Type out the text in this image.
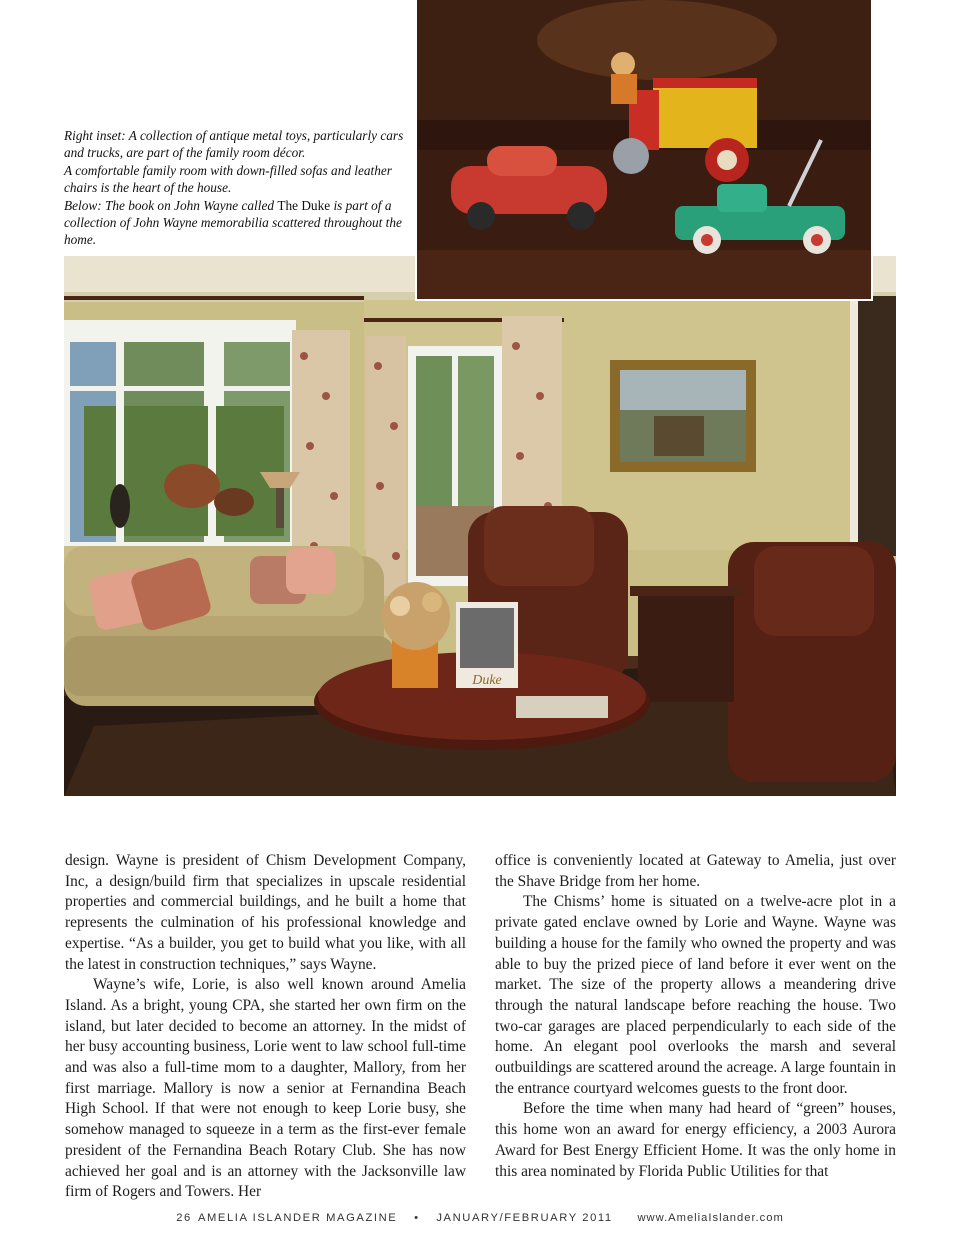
Right inset: A collection of antique metal toys, particularly cars and trucks, are part of the family room décor.

A comfortable family room with down-filled sofas and leather chairs is the heart of the house.

Below: The book on John Wayne called The Duke is part of a collection of John Wayne memorabilia scattered throughout the home.

Duke

design. Wayne is president of Chism Development Company, Inc, a design/build firm that specializes in upscale residential properties and commercial buildings, and he built a home that represents the culmination of his professional knowledge and expertise. “As a builder, you get to build what you like, with all the latest in construction techniques,” says Wayne.

Wayne’s wife, Lorie, is also well known around Amelia Island. As a bright, young CPA, she started her own firm on the island, but later decided to become an attorney. In the midst of her busy accounting business, Lorie went to law school full-time and was also a full-time mom to a daughter, Mallory, from her first marriage. Mallory is now a senior at Fernandina Beach High School. If that were not enough to keep Lorie busy, she somehow managed to squeeze in a term as the first-ever female president of the Fernandina Beach Rotary Club. She has now achieved her goal and is an attorney with the Jacksonville law firm of Rogers and Towers. Her

office is conveniently located at Gateway to Amelia, just over the Shave Bridge from her home.

The Chisms’ home is situated on a twelve-acre plot in a private gated enclave owned by Lorie and Wayne. Wayne was building a house for the family who owned the property and was able to buy the prized piece of land before it ever went on the market. The size of the property allows a meandering drive through the natural landscape before reaching the house. Two two-car garages are placed perpendicularly to each side of the home. An elegant pool overlooks the marsh and several outbuildings are scattered around the acreage. A large fountain in the entrance courtyard welcomes guests to the front door.

Before the time when many had heard of “green” houses, this home won an award for energy efficiency, a 2003 Aurora Award for Best Energy Efficient Home. It was the only home in this area nominated by Florida Public Utilities for that

26 AMELIA ISLANDER MAGAZINE • JANUARY/FEBRUARY 2011 www.AmeliaIslander.com
